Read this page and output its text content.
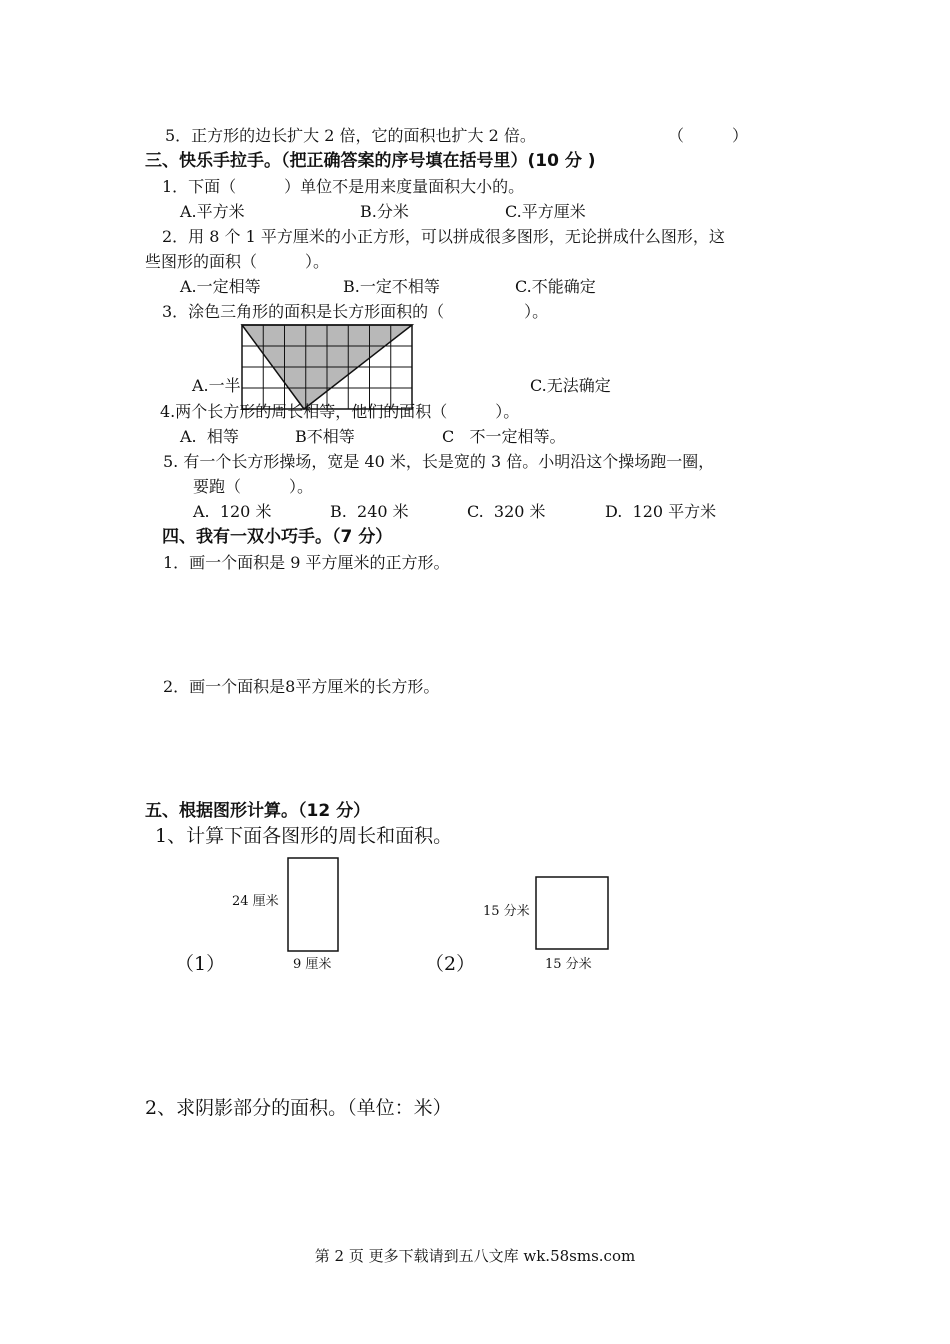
5．正方形的边长扩大 2 倍，它的面积也扩大 2 倍。	（　　　）
三、快乐手拉手。（把正确答案的序号填在括号里）(10 分 )
1．下面（　　　）单位不是用来度量面积大小的。
A.平方米	B.分米	C.平方厘米
2．用 8 个 1 平方厘米的小正方形，可以拼成很多图形，无论拼成什么图形，这
些图形的面积（　　　）。
A.一定相等	B.一定不相等	C.不能确定
3．涂色三角形的面积是长方形面积的（　　　　　）。
A.一半	C.无法确定
4.两个长方形的周长相等，他们的面积（　　　）。
A.  相等	B不相等	C   不一定相等。
5. 有一个长方形操场，宽是 40 米，长是宽的 3 倍。小明沿这个操场跑一圈，
要跑（　　　）。
A.  120 米	B.  240 米	C.  320 米	D.  120 平方米
四、我有一双小巧手。（7 分）
1．画一个面积是 9 平方厘米的正方形。
2．画一个面积是8平方厘米的长方形。
五、根据图形计算。（12 分）
1、计算下面各图形的周长和面积。
24 厘米
（1）	9 厘米
15 分米
（2）	15 分米
2、求阴影部分的面积。（单位：米）
第 2 页 更多下载请到五八文库 wk.58sms.com
